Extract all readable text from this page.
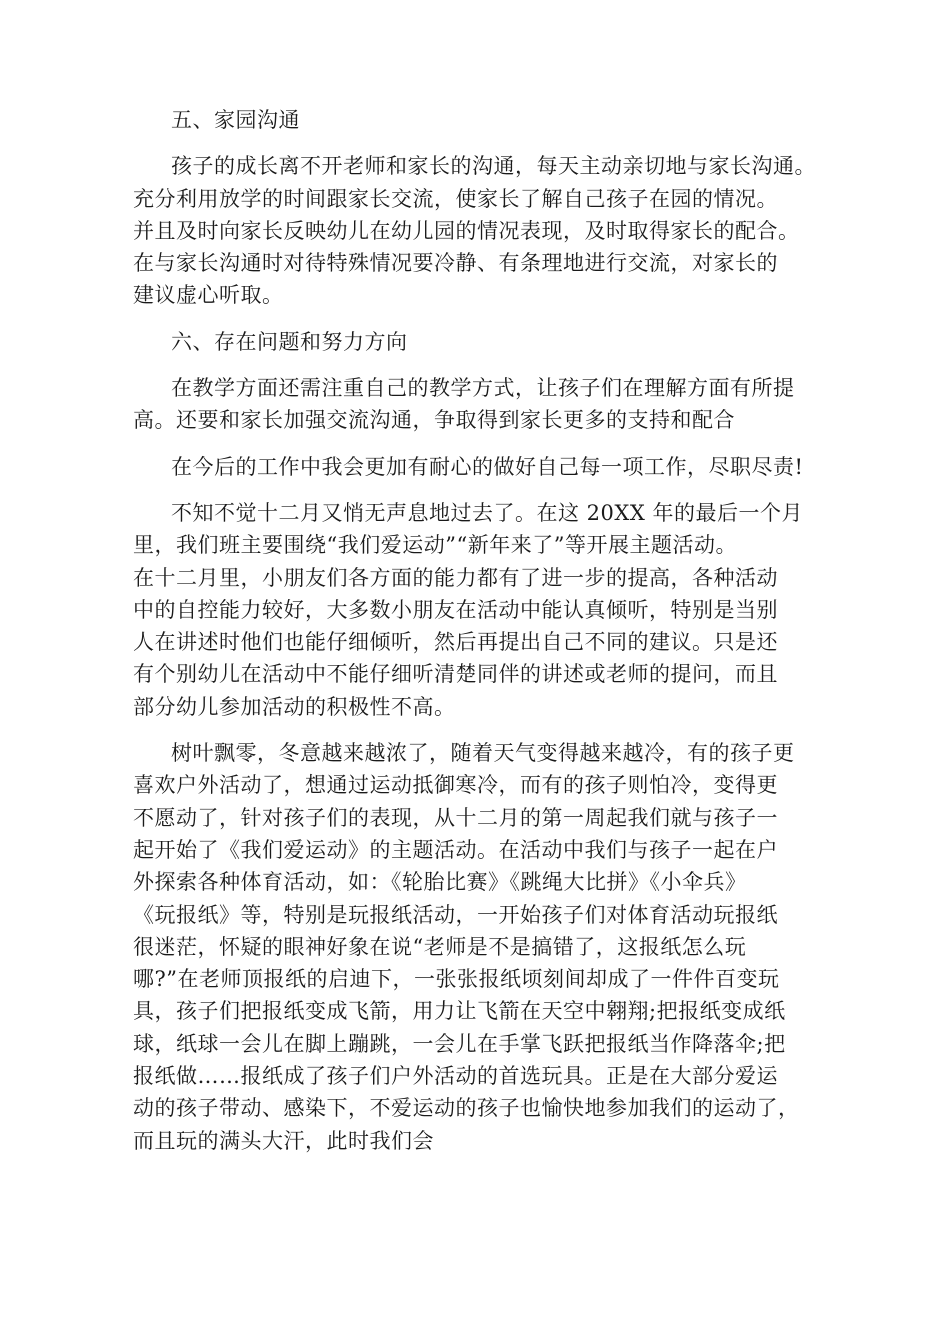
五、家园沟通
孩子的成长离不开老师和家长的沟通，每天主动亲切地与家长沟通。
充分利用放学的时间跟家长交流，使家长了解自己孩子在园的情况。
并且及时向家长反映幼儿在幼儿园的情况表现，及时取得家长的配合。
在与家长沟通时对待特殊情况要冷静、有条理地进行交流，对家长的
建议虚心听取。
六、存在问题和努力方向
在教学方面还需注重自己的教学方式，让孩子们在理解方面有所提
高。还要和家长加强交流沟通，争取得到家长更多的支持和配合
在今后的工作中我会更加有耐心的做好自己每一项工作，尽职尽责!
不知不觉十二月又悄无声息地过去了。在这 20XX 年的最后一个月
里，我们班主要围绕“我们爱运动”“新年来了”等开展主题活动。
在十二月里，小朋友们各方面的能力都有了进一步的提高，各种活动
中的自控能力较好，大多数小朋友在活动中能认真倾听，特别是当别
人在讲述时他们也能仔细倾听，然后再提出自己不同的建议。只是还
有个别幼儿在活动中不能仔细听清楚同伴的讲述或老师的提问，而且
部分幼儿参加活动的积极性不高。
树叶飘零，冬意越来越浓了，随着天气变得越来越冷，有的孩子更
喜欢户外活动了，想通过运动抵御寒冷，而有的孩子则怕冷，变得更
不愿动了，针对孩子们的表现，从十二月的第一周起我们就与孩子一
起开始了《我们爱运动》的主题活动。在活动中我们与孩子一起在户
外探索各种体育活动，如：《轮胎比赛》《跳绳大比拼》《小伞兵》
《玩报纸》等，特别是玩报纸活动，一开始孩子们对体育活动玩报纸
很迷茫，怀疑的眼神好象在说“老师是不是搞错了，这报纸怎么玩
哪?”在老师顶报纸的启迪下，一张张报纸顷刻间却成了一件件百变玩
具，孩子们把报纸变成飞箭，用力让飞箭在天空中翱翔;把报纸变成纸
球，纸球一会儿在脚上蹦跳，一会儿在手掌飞跃把报纸当作降落伞;把
报纸做……报纸成了孩子们户外活动的首选玩具。正是在大部分爱运
动的孩子带动、感染下，不爱运动的孩子也愉快地参加我们的运动了，
而且玩的满头大汗，此时我们会
